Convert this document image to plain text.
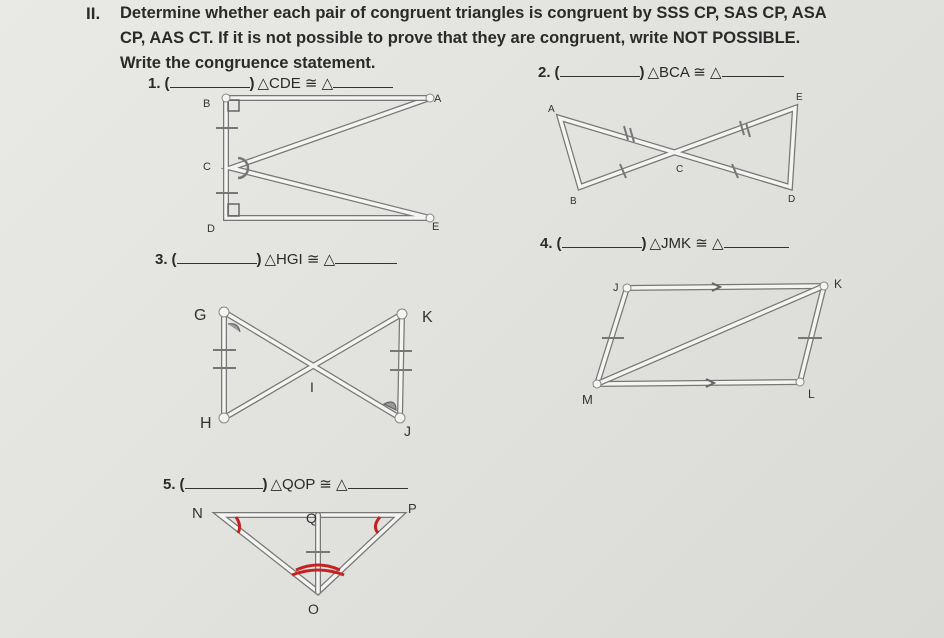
II. Determine whether each pair of congruent triangles is congruent by SSS CP, SAS CP, ASA
CP, AAS CT. If it is not possible to prove that they are congruent, write NOT POSSIBLE.
Write the congruence statement.
1. (	) △CDE ≅ △
2. (	) △BCA ≅ △
3. (	) △HGI ≅ △
4. (	) △JMK ≅ △
5. (	) △QOP ≅ △
B	A
C
D	E
A
E
C
B	D
G	K
I
H	J
J	K
M	L
N	Q
P
O
